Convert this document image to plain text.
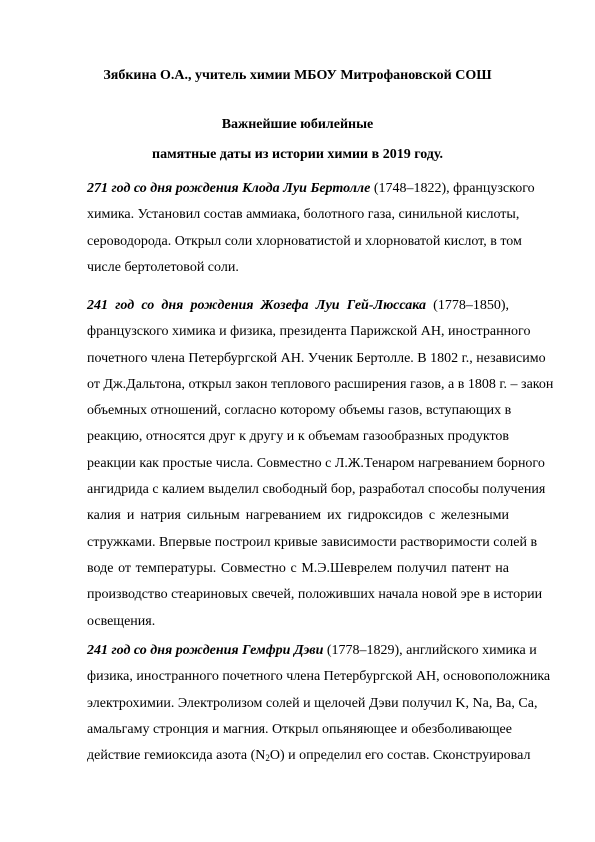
Зябкина О.А., учитель химии МБОУ Митрофановской СОШ
Важнейшие юбилейные
памятные даты из истории химии в 2019 году.
271 год со дня рождения Клода Луи Бертолле (1748–1822), французского
химика. Установил состав аммиака, болотного газа, синильной кислоты,
сероводорода. Открыл соли хлорноватистой и хлорноватой кислот, в том
числе бертолетовой соли.
241 год со дня рождения Жозефа Луи Гей-Люссака (1778–1850),
французского химика и физика, президента Парижской АН, иностранного
почетного члена Петербургской АН. Ученик Бертолле. В 1802 г., независимо
от Дж.Дальтона, открыл закон теплового расширения газов, а в 1808 г. – закон
объемных отношений, согласно которому объемы газов, вступающих в
реакцию, относятся друг к другу и к объемам газообразных продуктов
реакции как простые числа. Совместно с Л.Ж.Тенаром нагреванием борного
ангидрида с калием выделил свободный бор, разработал способы получения
калия и натрия сильным нагреванием их гидроксидов с железными
стружками. Впервые построил кривые зависимости растворимости солей в
воде от температуры. Совместно с М.Э.Шеврелем получил патент на
производство стеариновых свечей, положивших начала новой эре в истории
освещения.
241 год со дня рождения Гемфри Дэви (1778–1829), английского химика и
физика, иностранного почетного члена Петербургской АН, основоположника
электрохимии. Электролизом солей и щелочей Дэви получил K, Na, Ba, Ca,
амальгаму стронция и магния. Открыл опьяняющее и обезболивающее
действие гемиоксида азота $(N_2O)$ и определил его состав. Сконструировал
